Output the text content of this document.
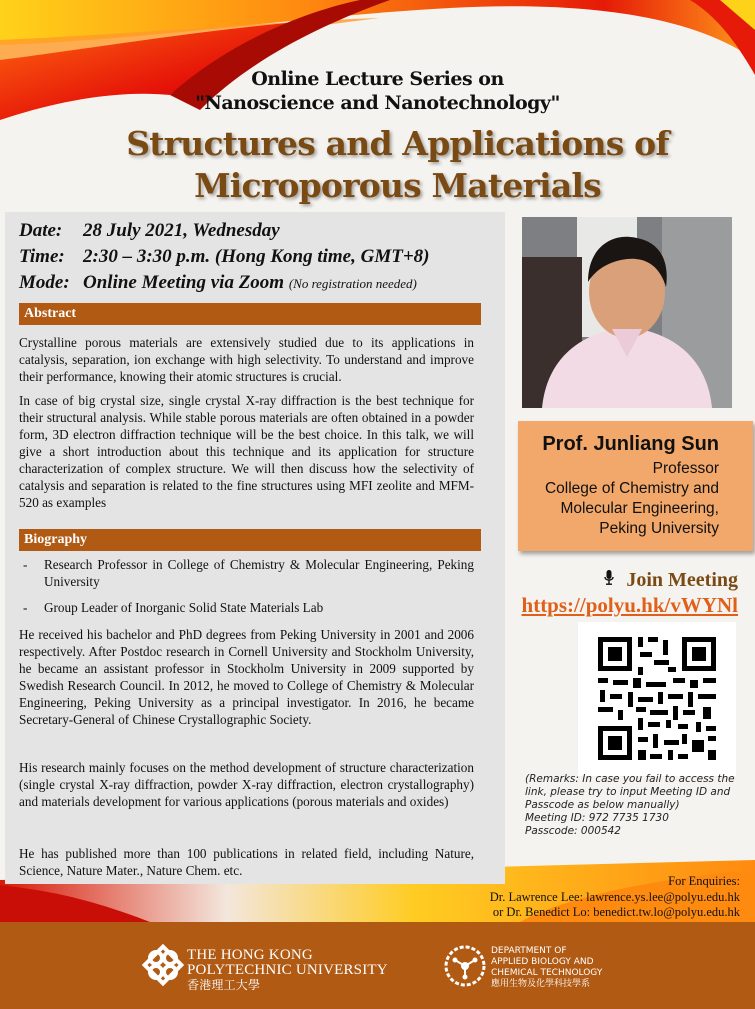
Online Lecture Series on
"Nanoscience and Nanotechnology"
Structures and Applications of
Microporous Materials
Date: 28 July 2021, Wednesday
Time: 2:30 – 3:30 p.m. (Hong Kong time, GMT+8)
Mode: Online Meeting via Zoom (No registration needed)
Abstract
Crystalline porous materials are extensively studied due to its applications in catalysis, separation, ion exchange with high selectivity. To understand and improve their performance, knowing their atomic structures is crucial.
In case of big crystal size, single crystal X-ray diffraction is the best technique for their structural analysis. While stable porous materials are often obtained in a powder form, 3D electron diffraction technique will be the best choice. In this talk, we will give a short introduction about this technique and its application for structure characterization of complex structure. We will then discuss how the selectivity of catalysis and separation is related to the fine structures using MFI zeolite and MFM-520 as examples
Biography
- Research Professor in College of Chemistry & Molecular Engineering, Peking University
- Group Leader of Inorganic Solid State Materials Lab
He received his bachelor and PhD degrees from Peking University in 2001 and 2006 respectively. After Postdoc research in Cornell University and Stockholm University, he became an assistant professor in Stockholm University in 2009 supported by Swedish Research Council. In 2012, he moved to College of Chemistry & Molecular Engineering, Peking University as a principal investigator. In 2016, he became Secretary-General of Chinese Crystallographic Society.
His research mainly focuses on the method development of structure characterization (single crystal X-ray diffraction, powder X-ray diffraction, electron crystallography) and materials development for various applications (porous materials and oxides)
He has published more than 100 publications in related field, including Nature, Science, Nature Mater., Nature Chem. etc.
Prof. Junliang Sun
Professor
College of Chemistry and
Molecular Engineering,
Peking University
Join Meeting
https://polyu.hk/vWYNl
(Remarks: In case you fail to access the link, please try to input Meeting ID and Passcode as below manually)
Meeting ID: 972 7735 1730
Passcode: 000542
For Enquiries:
Dr. Lawrence Lee: lawrence.ys.lee@polyu.edu.hk
or Dr. Benedict Lo: benedict.tw.lo@polyu.edu.hk
THE HONG KONG
POLYTECHNIC UNIVERSITY
香港理工大學
DEPARTMENT OF
APPLIED BIOLOGY AND
CHEMICAL TECHNOLOGY
應用生物及化學科技學系
